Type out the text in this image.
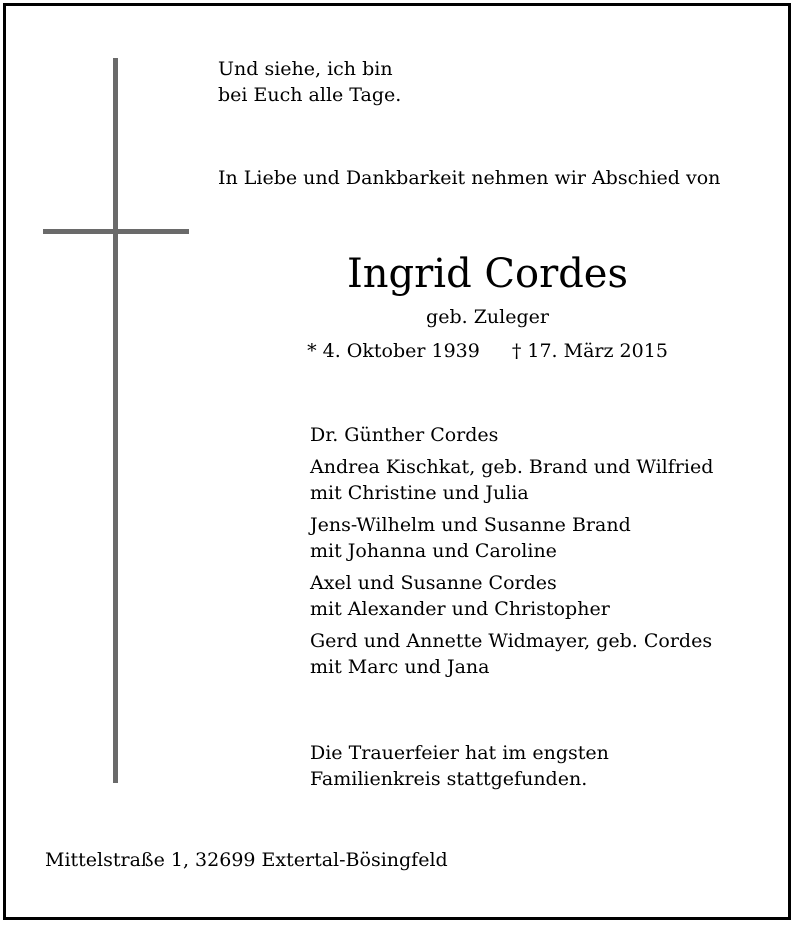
Und siehe, ich bin
bei Euch alle Tage.
In Liebe und Dankbarkeit nehmen wir Abschied von
Ingrid Cordes
geb. Zuleger
* 4. Oktober 1939 † 17. März 2015
Dr. Günther Cordes
Andrea Kischkat, geb. Brand und Wilfried
mit Christine und Julia
Jens-Wilhelm und Susanne Brand
mit Johanna und Caroline
Axel und Susanne Cordes
mit Alexander und Christopher
Gerd und Annette Widmayer, geb. Cordes
mit Marc und Jana
Die Trauerfeier hat im engsten
Familienkreis stattgefunden.
Mittelstraße 1, 32699 Extertal-Bösingfeld
